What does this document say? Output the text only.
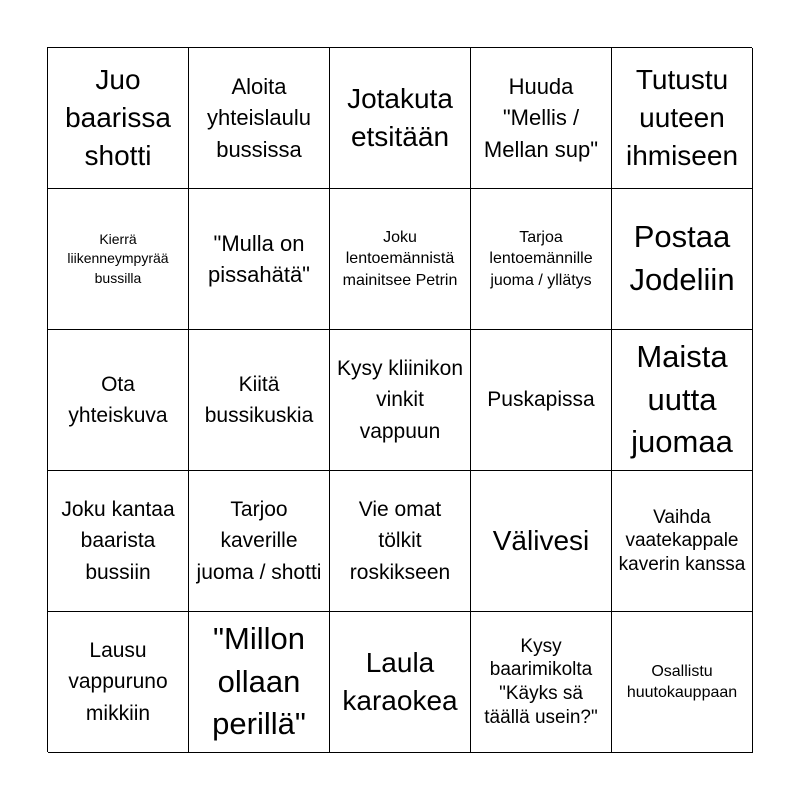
Juo baarissa shotti
Aloita yhteislaulu bussissa
Jotakuta etsitään
Huuda "Mellis / Mellan sup"
Tutustu uuteen ihmiseen
Kierrä liikenneympyrää bussilla
"Mulla on pissahätä"
Joku lentoemännistä mainitsee Petrin
Tarjoa lentoemännille juoma / yllätys
Postaa Jodeliin
Ota yhteiskuva
Kiitä bussikuskia
Kysy kliinikon vinkit vappuun
Puskapissa
Maista uutta juomaa
Joku kantaa baarista bussiin
Tarjoo kaverille juoma / shotti
Vie omat tölkit roskikseen
Välivesi
Vaihda vaatekappale kaverin kanssa
Lausu vappuruno mikkiin
"Millon ollaan perillä"
Laula karaokea
Kysy baarimikolta "Käyks sä täällä usein?"
Osallistu huutokauppaan
